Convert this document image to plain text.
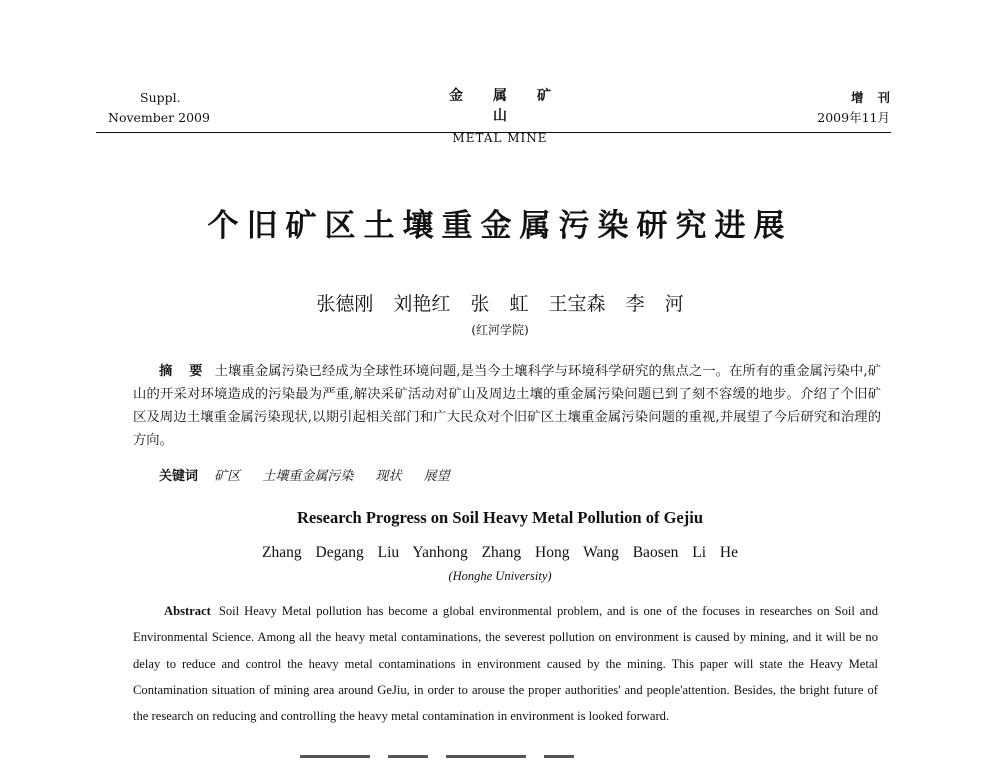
Suppl.
November 2009
金属矿山
METAL MINE
增刊
2009年11月
个旧矿区土壤重金属污染研究进展
张德刚 刘艳红 张 虹 王宝森 李 河
(红河学院)
摘 要 土壤重金属污染已经成为全球性环境问题,是当今土壤科学与环境科学研究的焦点之一。在所有的重金属污染中,矿山的开采对环境造成的污染最为严重,解决采矿活动对矿山及周边土壤的重金属污染问题已到了刻不容缓的地步。介绍了个旧矿区及周边土壤重金属污染现状,以期引起相关部门和广大民众对个旧矿区土壤重金属污染问题的重视,并展望了今后研究和治理的方向。
关键词 矿区 土壤重金属污染 现状 展望
Research Progress on Soil Heavy Metal Pollution of Gejiu
Zhang Degang Liu Yanhong Zhang Hong Wang Baosen Li He
(Honghe University)
Abstract Soil Heavy Metal pollution has become a global environmental problem, and is one of the focuses in researches on Soil and Environmental Science. Among all the heavy metal contaminations, the severest pollution on environment is caused by mining, and it will be no delay to reduce and control the heavy metal contaminations in environment caused by the mining. This paper will state the Heavy Metal Contamination situation of mining area around GeJiu, in order to arouse the proper authorities' and people'attention. Besides, the bright future of the research on reducing and controlling the heavy metal contamination in environment is looked forward.
